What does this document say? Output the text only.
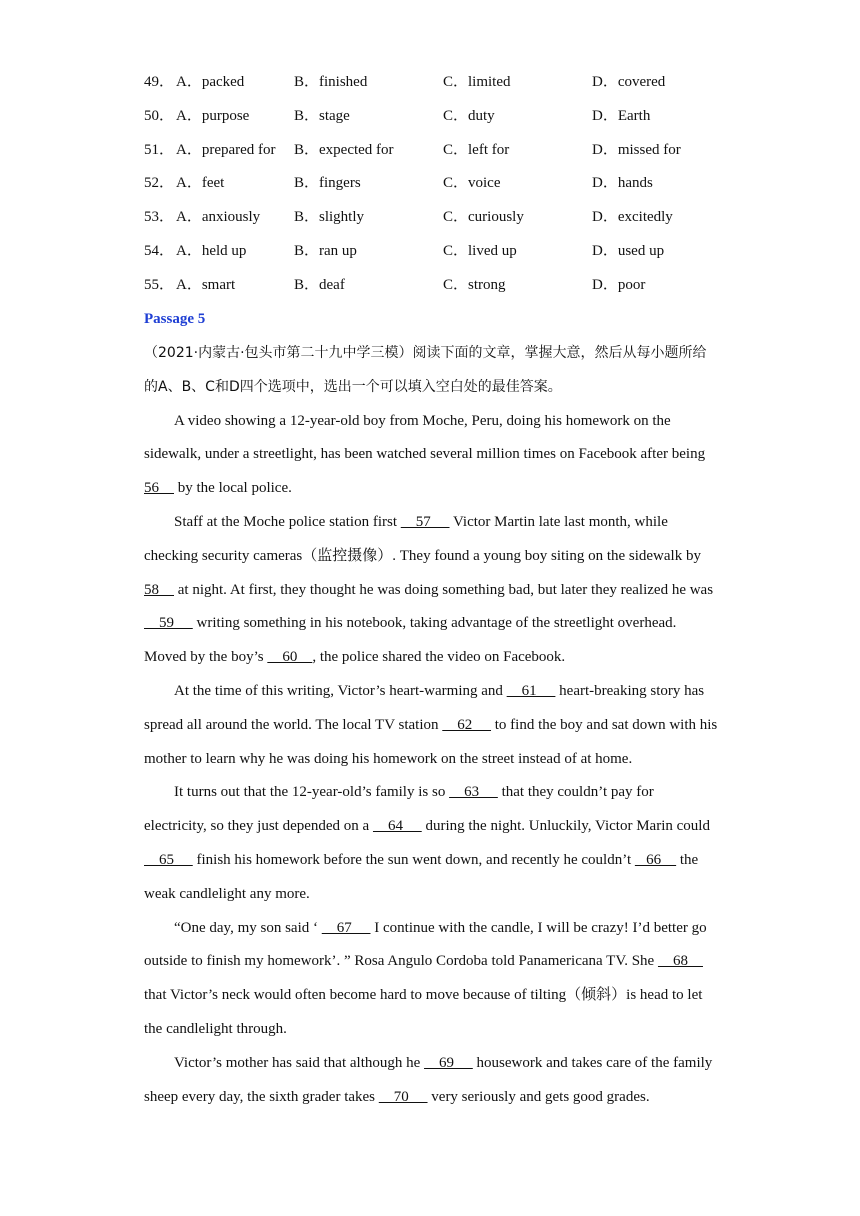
49． A．packed	B．finished	C．limited	D．covered
50． A．purpose	B．stage	C．duty	D．Earth
51． A．prepared for B．expected for	C．left for	D．missed for
52． A．feet	B．fingers	C．voice	D．hands
53． A．anxiously B．slightly	C．curiously	D．excitedly
54． A．held up	B．ran up	C．lived up	D．used up
55． A．smart	B．deaf	C．strong	D．poor
Passage 5

（2021·内蒙古·包头市第二十九中学三模）阅读下面的文章，掌握大意，然后从每小题所给的A、B、C和D四个选项中，选出一个可以填入空白处的最佳答案。

A video showing a 12-year-old boy from Moche, Peru, doing his homework on the sidewalk, under a streetlight, has been watched several million times on Facebook after being 56     by the local police.

Staff at the Moche police station first     57      Victor Martin late last month, while checking security cameras（监控摄像）. They found a young boy siting on the sidewalk by 58     at night. At first, they thought he was doing something bad, but later they realized he was     59      writing something in his notebook, taking advantage of the streetlight overhead. Moved by the boy’s     60    , the police shared the video on Facebook.

At the time of this writing, Victor’s heart-warming and     61      heart-breaking story has spread all around the world. The local TV station     62      to find the boy and sat down with his mother to learn why he was doing his homework on the street instead of at home.

It turns out that the 12-year-old’s family is so     63      that they couldn’t pay for electricity, so they just depended on a     64      during the night. Unluckily, Victor Marin could     65      finish his homework before the sun went down, and recently he couldn’t    66     the weak candlelight any more.

“One day, my son said ‘     67      I continue with the candle, I will be crazy! I’d better go outside to finish my homework’. ” Rosa Angulo Cordoba told Panamericana TV. She     68     that Victor’s neck would often become hard to move because of tilting（倾斜）is head to let the candlelight through.

Victor’s mother has said that although he     69      housework and takes care of the family sheep every day, the sixth grader takes     70      very seriously and gets good grades.
